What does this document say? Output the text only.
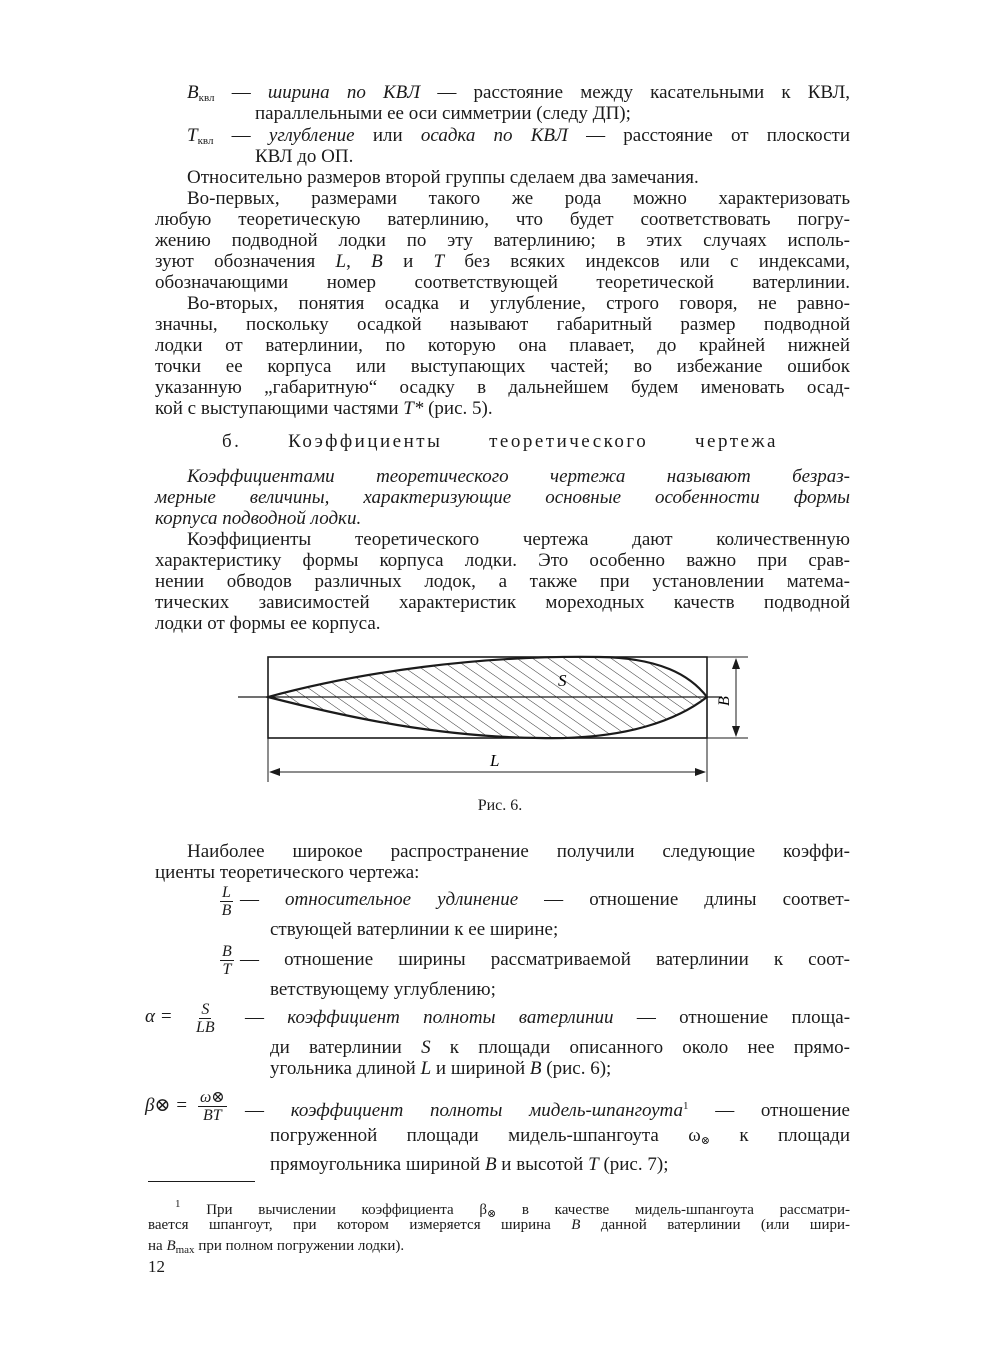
б. Коэффициенты теоретического чертежа
S
B
L
Рис. 6.
$\frac{L}{B}$
$\frac{B}{T}$
$\alpha = \frac{S}{LB}$
β⊗ = $\frac{\omega\otimes}{BT}$
12
$B_{квл}$ — ширина по КВЛ — расстояние между касательными к КВЛ,
параллельными ее оси симметрии (следу ДП);
$T_{квл}$ — углубление или осадка по КВЛ — расстояние от плоскости
КВЛ до ОП.
Относительно размеров второй группы сделаем два замечания.
Во-первых, размерами такого же рода можно характеризовать
любую теоретическую ватерлинию, что будет соответствовать погру-
жению подводной лодки по эту ватерлинию; в этих случаях исполь-
зуют обозначения L, B и T без всяких индексов или с индексами,
обозначающими номер соответствующей теоретической ватерлинии.
Во-вторых, понятия осадка и углубление, строго говоря, не равно-
значны, поскольку осадкой называют габаритный размер подводной
лодки от ватерлинии, по которую она плавает, до крайней нижней
точки ее корпуса или выступающих частей; во избежание ошибок
указанную „габаритную“ осадку в дальнейшем будем именовать осад-
кой с выступающими частями T* (рис. 5).
Коэффициентами теоретического чертежа называют безраз-
мерные величины, характеризующие основные особенности формы
корпуса подводной лодки.
Коэффициенты теоретического чертежа дают количественную
характеристику формы корпуса лодки. Это особенно важно при срав-
нении обводов различных лодок, а также при установлении матема-
тических зависимостей характеристик мореходных качеств подводной
лодки от формы ее корпуса.
Наиболее широкое распространение получили следующие коэффи-
циенты теоретического чертежа:
— относительное удлинение — отношение длины соответ-
ствующей ватерлинии к ее ширине;
— отношение ширины рассматриваемой ватерлинии к соот-
ветствующему углублению;
— коэффициент полноты ватерлинии — отношение площа-
ди ватерлинии S к площади описанного около нее прямо-
угольника длиной L и шириной B (рис. 6);
— коэффициент полноты мидель-шпангоута$^1$ — отношение
погруженной площади мидель-шпангоута $\omega_\otimes$ к площади
прямоугольника шириной B и высотой T (рис. 7);
$^1$ При вычислении коэффициента $\beta_\otimes$ в качестве мидель-шпангоута рассматри-
вается шпангоут, при котором измеряется ширина B данной ватерлинии (или шири-
на $B_{max}$ при полном погружении лодки).
